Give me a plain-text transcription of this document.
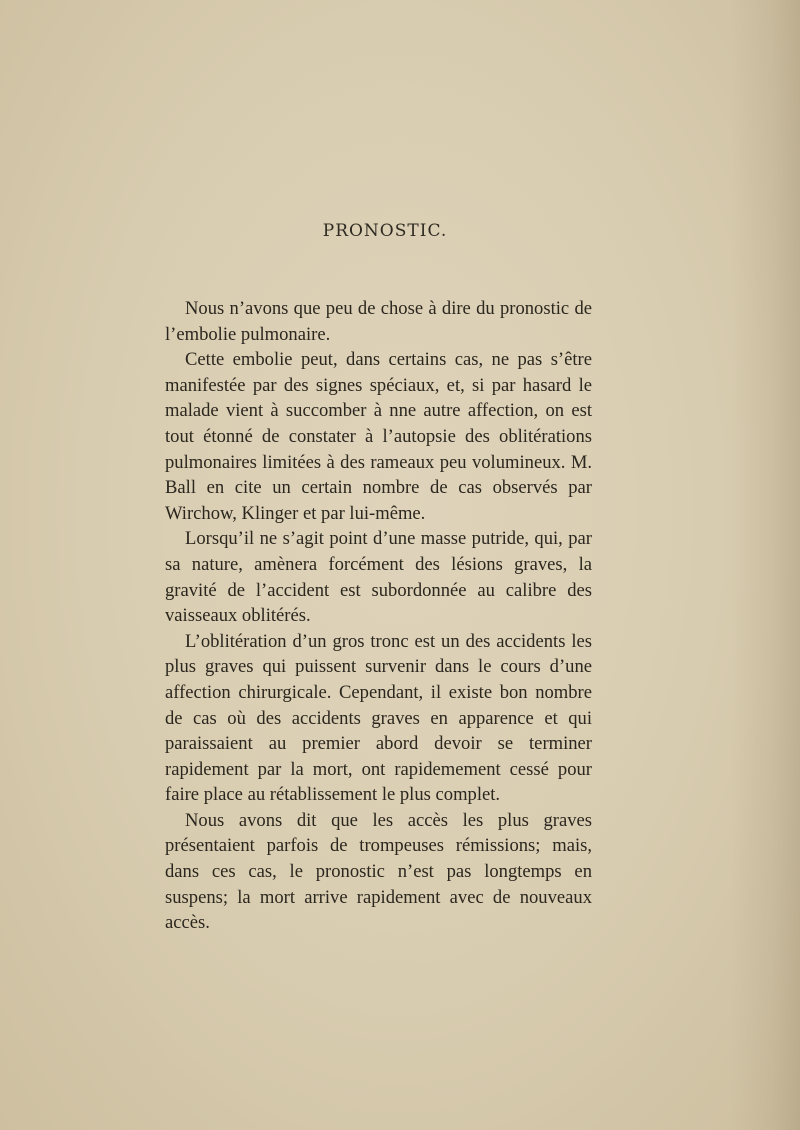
PRONOSTIC.

Nous n’avons que peu de chose à dire du pronostic de l’embolie pulmonaire.

Cette embolie peut, dans certains cas, ne pas s’être manifestée par des signes spéciaux, et, si par hasard le malade vient à succomber à nne autre affection, on est tout étonné de constater à l’autopsie des oblitérations pulmonaires limitées à des rameaux peu volumineux. M. Ball en cite un certain nombre de cas observés par Wirchow, Klinger et par lui-même.

Lorsqu’il ne s’agit point d’une masse putride, qui, par sa nature, amènera forcément des lésions graves, la gravité de l’accident est subordonnée au calibre des vaisseaux oblitérés.

L’oblitération d’un gros tronc est un des accidents les plus graves qui puissent survenir dans le cours d’une affection chirurgicale. Cependant, il existe bon nombre de cas où des accidents graves en apparence et qui paraissaient au premier abord devoir se terminer rapidement par la mort, ont rapidemement cessé pour faire place au rétablissement le plus complet.

Nous avons dit que les accès les plus graves présentaient parfois de trompeuses rémissions; mais, dans ces cas, le pronostic n’est pas longtemps en suspens; la mort arrive rapidement avec de nouveaux accès.
